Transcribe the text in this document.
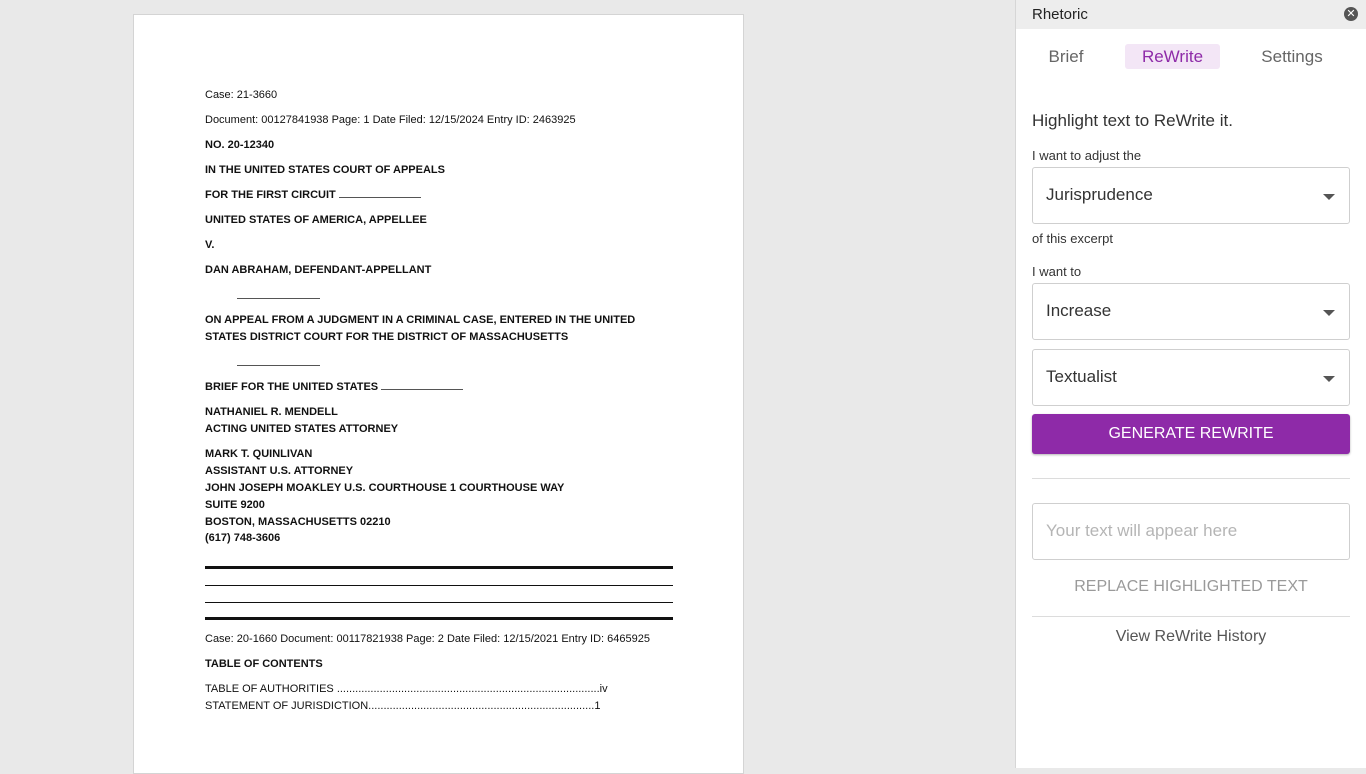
Case: 21-3660
Document: 00127841938 Page: 1 Date Filed: 12/15/2024 Entry ID: 2463925
NO. 20-12340
IN THE UNITED STATES COURT OF APPEALS
FOR THE FIRST CIRCUIT
UNITED STATES OF AMERICA, APPELLEE
V.
DAN ABRAHAM, DEFENDANT-APPELLANT
ON APPEAL FROM A JUDGMENT IN A CRIMINAL CASE, ENTERED IN THE UNITED
STATES DISTRICT COURT FOR THE DISTRICT OF MASSACHUSETTS
BRIEF FOR THE UNITED STATES
NATHANIEL R. MENDELL
ACTING UNITED STATES ATTORNEY
MARK T. QUINLIVAN
ASSISTANT U.S. ATTORNEY
JOHN JOSEPH MOAKLEY U.S. COURTHOUSE 1 COURTHOUSE WAY
SUITE 9200
BOSTON, MASSACHUSETTS 02210
(617) 748-3606
Case: 20-1660 Document: 00117821938 Page: 2 Date Filed: 12/15/2021 Entry ID: 6465925
TABLE OF CONTENTS
TABLE OF AUTHORITIES ......................................................................................iv
STATEMENT OF JURISDICTION..........................................................................1
Rhetoric	✕
Brief	ReWrite	Settings
Highlight text to ReWrite it.
I want to adjust the
Jurisprudence
of this excerpt
I want to
Increase
Textualist
GENERATE REWRITE
Your text will appear here
REPLACE HIGHLIGHTED TEXT
View ReWrite History
